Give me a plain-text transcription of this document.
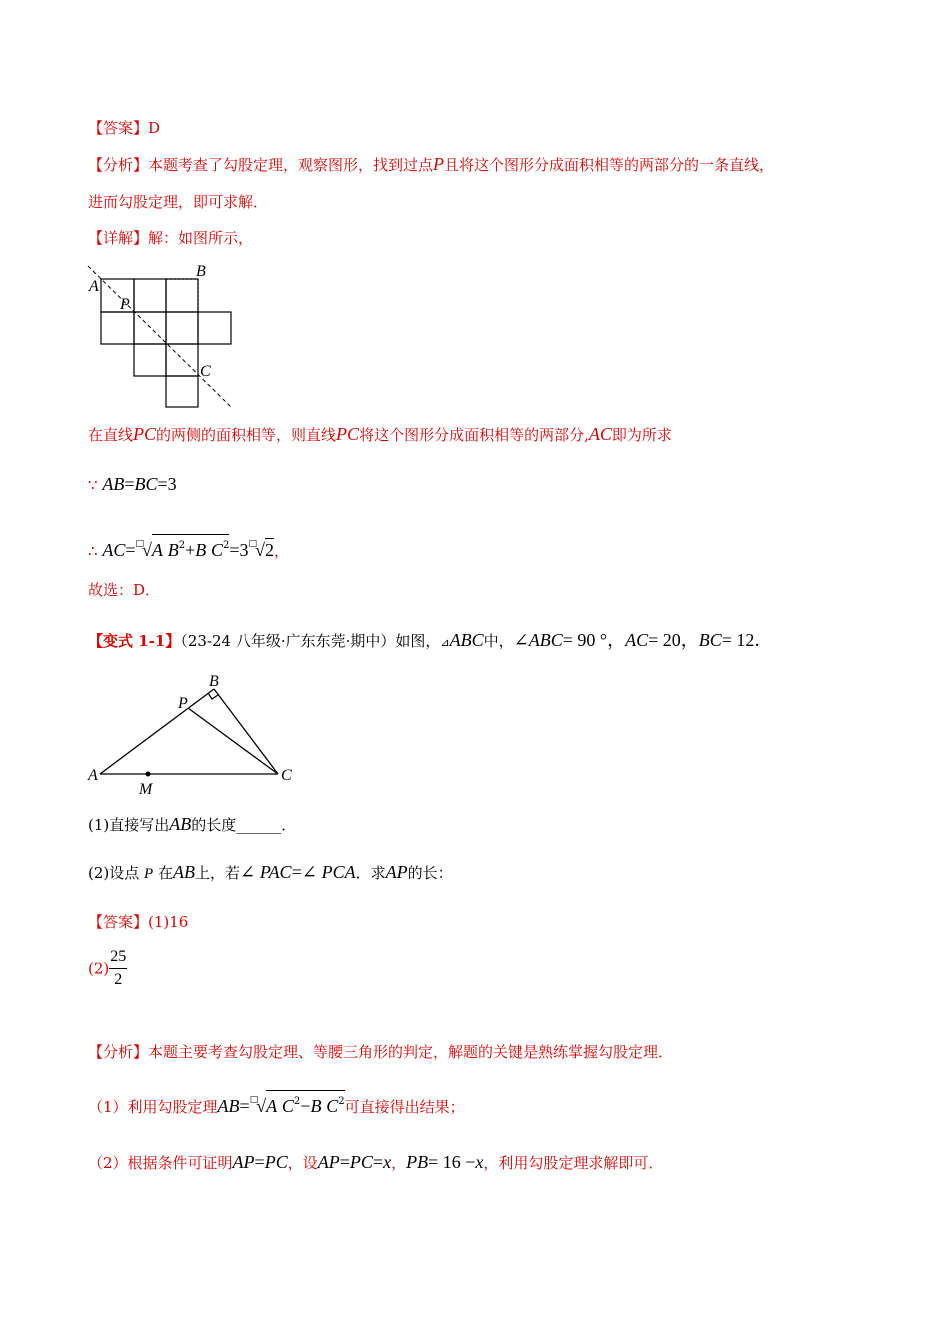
【答案】D
【分析】本题考查了勾股定理，观察图形，找到过点P且将这个图形分成面积相等的两部分的一条直线，
进而勾股定理，即可求解．
【详解】解：如图所示，
A
B
P
C
在直线PC的两侧的面积相等，则直线PC将这个图形分成面积相等的两部分,AC即为所求
∵ AB=BC=3
∴ AC=□√A $B^2+B$ $C^2=3^□√2$，
故选：D．
【变式 1-1】（23-24 八年级·广东东莞·期中）如图，⊿ABC中，∠ABC= 90 °，AC= 20，BC= 12．
A
B
P
C
M
(1)直接写出AB的长度______．
(2)设点 P 在AB上，若∠ PAC=∠ PCA．求AP的长：
【答案】(1)16
$(2) \frac{25}{2}$
【分析】本题主要考查勾股定理、等腰三角形的判定，解题的关键是熟练掌握勾股定理．
（1）利用勾股定理AB=□√A $C^2-B$ $C^2$可直接得出结果；
（2）根据条件可证明AP=PC，设AP=PC=x，PB= 16 −x，利用勾股定理求解即可．
